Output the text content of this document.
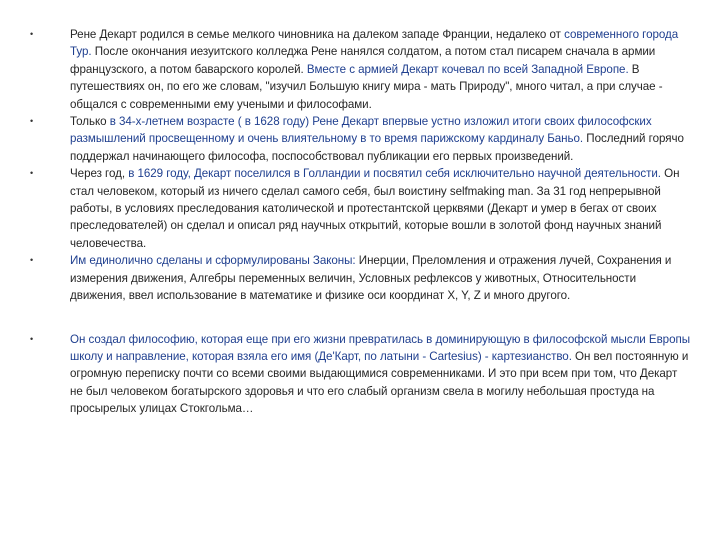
•	Рене Декарт родился в семье мелкого чиновника на далеком западе Франции, недалеко от современного города Тур. После окончания иезуитского колледжа Рене нанялся солдатом, а потом стал писарем сначала в армии французского, а потом баварского королей. Вместе с армией Декарт кочевал по всей Западной Европе. В путешествиях он, по его же словам, "изучил Большую книгу мира - мать Природу", много читал, а при случае - общался с современными ему учеными и философами.
•	Только в 34-х-летнем возрасте ( в 1628 году) Рене Декарт впервые устно изложил итоги своих философских размышлений просвещенному и очень влиятельному в то время парижскому кардиналу Баньо. Последний горячо поддержал начинающего философа, поспособствовал публикации его первых произведений.
•	Через год, в 1629 году, Декарт поселился в Голландии и посвятил себя исключительно научной деятельности. Он стал человеком, который из ничего сделал самого себя, был воистину selfmaking man. За 31 год непрерывной работы, в условиях преследования католической и протестантской церквями (Декарт и умер в бегах от своих преследователей) он сделал и описал ряд научных открытий, которые вошли в золотой фонд научных знаний человечества.
•	Им единолично сделаны и сформулированы Законы: Инерции, Преломления и отражения лучей, Сохранения и измерения движения, Алгебры переменных величин, Условных рефлексов у животных, Относительности движения, ввел использование в математике и физике оси координат X, Y, Z и много другого.
•	Он создал философию, которая еще при его жизни превратилась в доминирующую в философской мысли Европы школу и направление, которая взяла его имя (Де'Карт, по латыни - Cartesius) - картезианство. Он вел постоянную и огромную переписку почти со всеми своими выдающимися современниками. И это при всем при том, что Декарт не был человеком богатырского здоровья и что его слабый организм свела в могилу небольшая простуда на просырелых улицах Стокгольма…
